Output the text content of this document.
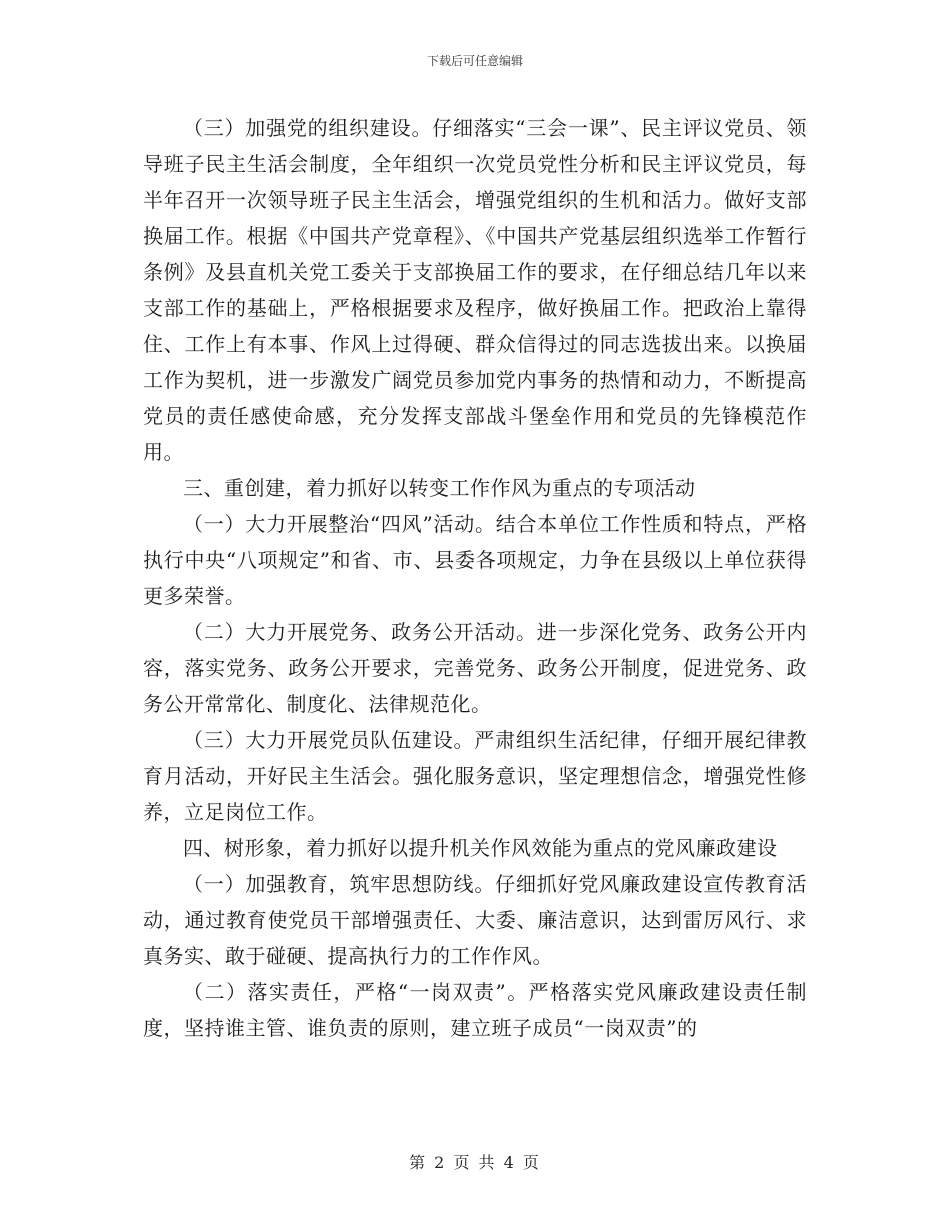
下载后可任意编辑

（三）加强党的组织建设。仔细落实“三会一课”、民主评议党员、领导班子民主生活会制度，全年组织一次党员党性分析和民主评议党员，每半年召开一次领导班子民主生活会，增强党组织的生机和活力。做好支部换届工作。根据《中国共产党章程》、《中国共产党基层组织选举工作暂行条例》及县直机关党工委关于支部换届工作的要求，在仔细总结几年以来支部工作的基础上，严格根据要求及程序，做好换届工作。把政治上靠得住、工作上有本事、作风上过得硬、群众信得过的同志选拔出来。以换届工作为契机，进一步激发广阔党员参加党内事务的热情和动力，不断提高党员的责任感使命感，充分发挥支部战斗堡垒作用和党员的先锋模范作用。

三、重创建，着力抓好以转变工作作风为重点的专项活动

（一）大力开展整治“四风”活动。结合本单位工作性质和特点，严格执行中央“八项规定”和省、市、县委各项规定，力争在县级以上单位获得更多荣誉。

（二）大力开展党务、政务公开活动。进一步深化党务、政务公开内容，落实党务、政务公开要求，完善党务、政务公开制度，促进党务、政务公开常常化、制度化、法律规范化。

（三）大力开展党员队伍建设。严肃组织生活纪律，仔细开展纪律教育月活动，开好民主生活会。强化服务意识，坚定理想信念，增强党性修养，立足岗位工作。

四、树形象，着力抓好以提升机关作风效能为重点的党风廉政建设

（一）加强教育，筑牢思想防线。仔细抓好党风廉政建设宣传教育活动，通过教育使党员干部增强责任、大委、廉洁意识，达到雷厉风行、求真务实、敢于碰硬、提高执行力的工作作风。

（二）落实责任，严格“一岗双责”。严格落实党风廉政建设责任制度，坚持谁主管、谁负责的原则，建立班子成员“一岗双责”的

第 2 页 共 4 页
